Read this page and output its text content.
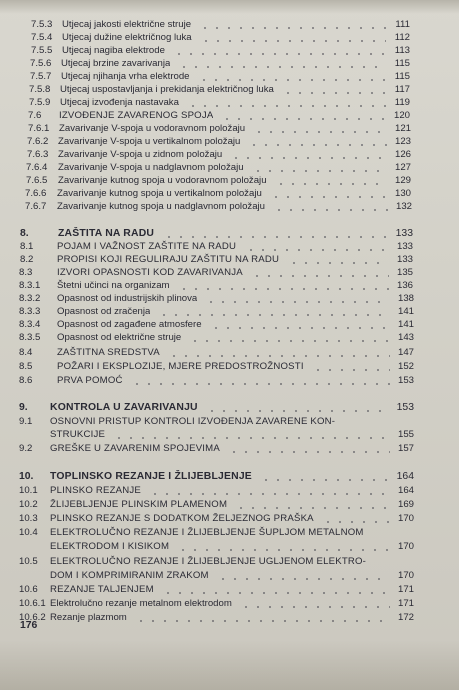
7.5.3 Utjecaj jakosti električne struje	111
7.5.4 Utjecaj dužine električnog luka	112
7.5.5 Utjecaj nagiba elektrode	113
7.5.6 Utjecaj brzine zavarivanja	115
7.5.7 Utjecaj njihanja vrha elektrode	115
7.5.8 Utjecaj uspostavljanja i prekidanja električnog luka	117
7.5.9 Utjecaj izvođenja nastavaka	119
7.6 IZVOĐENJE ZAVARENOG SPOJA	120
7.6.1 Zavarivanje V-spoja u vodoravnom položaju	121
7.6.2 Zavarivanje V-spoja u vertikalnom položaju	123
7.6.3 Zavarivanje V-spoja u zidnom položaju	126
7.6.4 Zavarivanje V-spoja u nadglavnom položaju	127
7.6.5 Zavarivanje kutnog spoja u vodoravnom položaju	129
7.6.6 Zavarivanje kutnog spoja u vertikalnom položaju	130
7.6.7 Zavarivanje kutnog spoja u nadglavnom položaju	132
8.	ZAŠTITA NA RADU	133
8.1 POJAM I VAŽNOST ZAŠTITE NA RADU	133
8.2 PROPISI KOJI REGULIRAJU ZAŠTITU NA RADU	133
8.3	IZVORI OPASNOSTI KOD ZAVARIVANJA	135
8.3.1 Štetni učinci na organizam	136
8.3.2 Opasnost od industrijskih plinova	138
8.3.3 Opasnost od zračenja	141
8.3.4 Opasnost od zagađene atmosfere	141
8.3.5 Opasnost od električne struje	143
8.4	ZAŠTITNA SREDSTVA	147
8.5	POŽARI I EKSPLOZIJE, MJERE PREDOSTROŽNOSTI	152
8.6	PRVA POMOĆ	153
9. KONTROLA U ZAVARIVANJU	153
9.1 OSNOVNI PRISTUP KONTROLI IZVOĐENJA ZAVARENE KON-
STRUKCIJE	155
9.2 GREŠKE U ZAVARENIM SPOJEVIMA	157
10. TOPLINSKO REZANJE I ŽLIJEBLJENJE	164
10.1 PLINSKO REZANJE	164
10.2 ŽLIJEBLJENJE PLINSKIM PLAMENOM	169
10.3 PLINSKO REZANJE S DODATKOM ŽELJEZNOG PRAŠKA	170
10.4 ELEKTROLUČNO REZANJE I ŽLIJEBLJENJE ŠUPLJOM METALNOM
ELEKTRODOM I KISIKOM	170
10.5 ELEKTROLUČNO REZANJE I ŽLIJEBLJENJE UGLJENOM ELEKTRO-
DOM I KOMPRIMIRANIM ZRAKOM	170
10.6 REZANJE TALJENJEM	171
10.6.1 Elektrolučno rezanje metalnom elektrodom	171
10.6.2 Rezanje plazmom	172
176
